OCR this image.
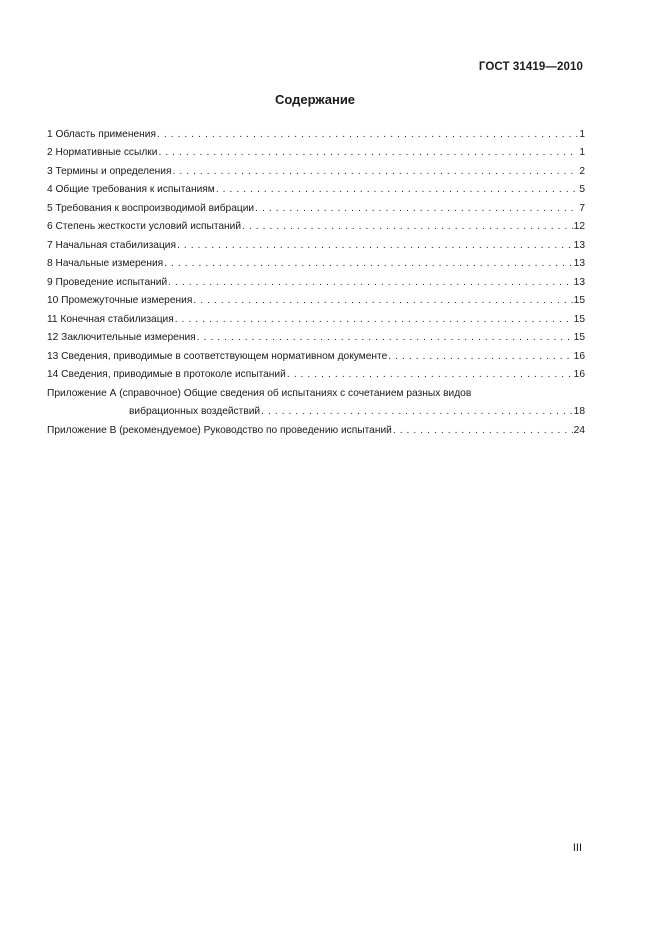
ГОСТ 31419—2010
Содержание
1 Область применения . . .	1
2 Нормативные ссылки . . .	1
3 Термины и определения . . .	2
4 Общие требования к испытаниям . . .	5
5 Требования к воспроизводимой вибрации . . .	7
6 Степень жесткости условий испытаний . . .	12
7 Начальная стабилизация . . .	13
8 Начальные измерения . . .	13
9 Проведение испытаний . . .	13
10 Промежуточные измерения . . .	15
11 Конечная стабилизация . . .	15
12 Заключительные измерения . . .	15
13 Сведения, приводимые в соответствующем нормативном документе . . .	16
14 Сведения, приводимые в протоколе испытаний . . .	16
Приложение А (справочное) Общие сведения об испытаниях с сочетанием разных видов
вибрационных воздействий . . .	18
Приложение В (рекомендуемое) Руководство по проведению испытаний . . .	24
III
